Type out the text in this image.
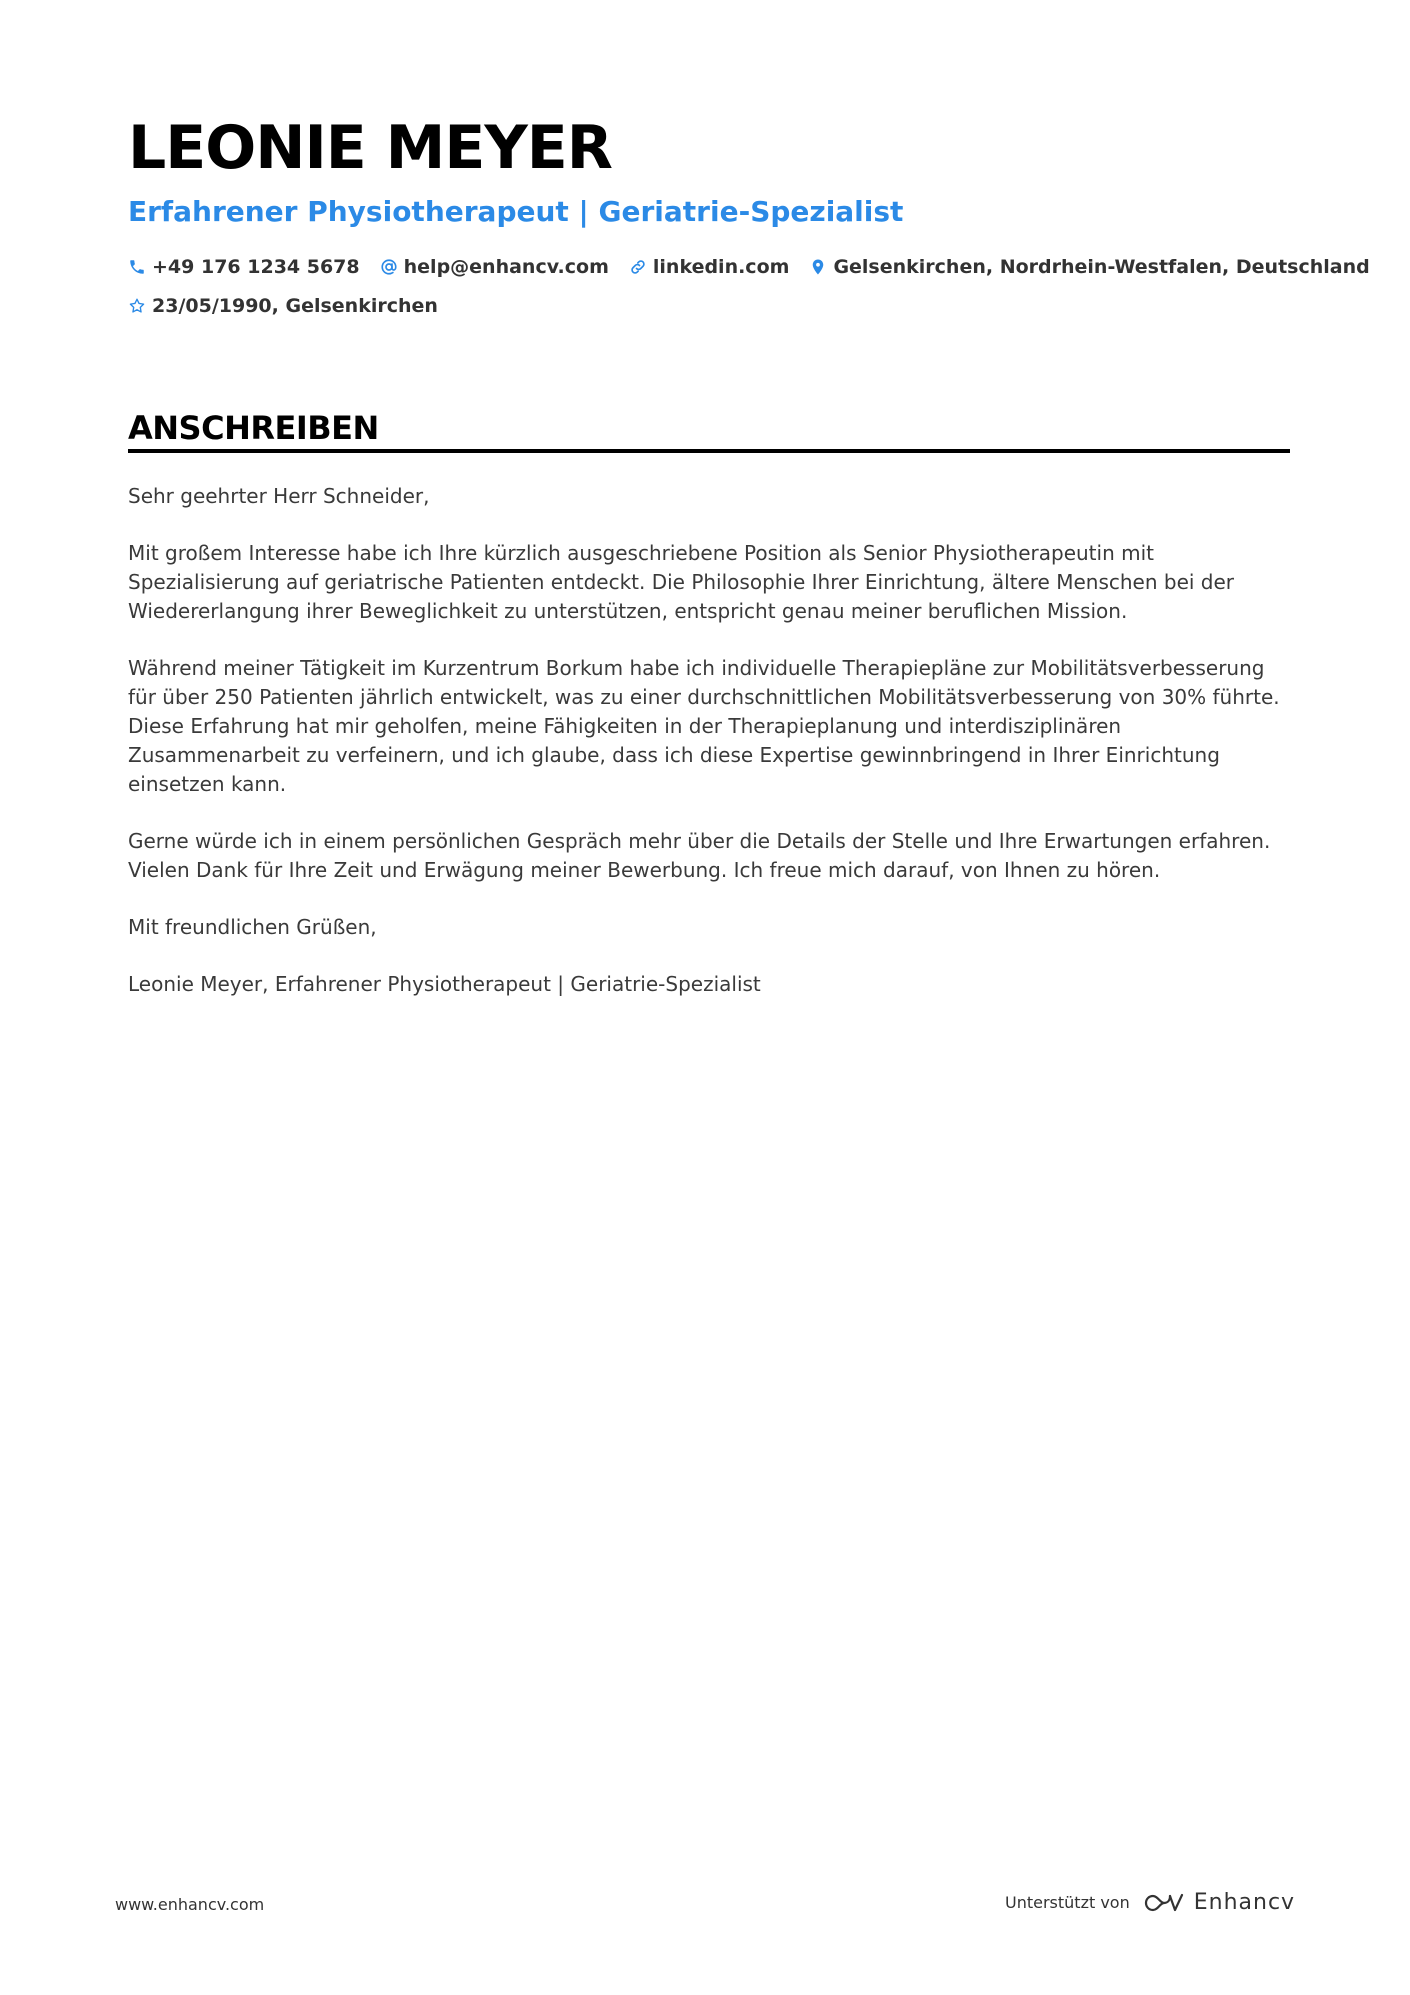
LEONIE MEYER
Erfahrener Physiotherapeut | Geriatrie-Spezialist
+49 176 1234 5678 help@enhancv.com linkedin.com Gelsenkirchen, Nordrhein-Westfalen, Deutschland
23/05/1990, Gelsenkirchen
ANSCHREIBEN

Sehr geehrter Herr Schneider,

Mit großem Interesse habe ich Ihre kürzlich ausgeschriebene Position als Senior Physiotherapeutin mit Spezialisierung auf geriatrische Patienten entdeckt. Die Philosophie Ihrer Einrichtung, ältere Menschen bei der Wiedererlangung ihrer Beweglichkeit zu unterstützen, entspricht genau meiner beruflichen Mission.

Während meiner Tätigkeit im Kurzentrum Borkum habe ich individuelle Therapiepläne zur Mobilitätsverbesserung für über 250 Patienten jährlich entwickelt, was zu einer durchschnittlichen Mobilitätsverbesserung von 30% führte. Diese Erfahrung hat mir geholfen, meine Fähigkeiten in der Therapieplanung und interdisziplinären Zusammenarbeit zu verfeinern, und ich glaube, dass ich diese Expertise gewinnbringend in Ihrer Einrichtung einsetzen kann.

Gerne würde ich in einem persönlichen Gespräch mehr über die Details der Stelle und Ihre Erwartungen erfahren. Vielen Dank für Ihre Zeit und Erwägung meiner Bewerbung. Ich freue mich darauf, von Ihnen zu hören.

Mit freundlichen Grüßen,

Leonie Meyer, Erfahrener Physiotherapeut | Geriatrie-Spezialist

www.enhancv.com	Unterstützt von	Enhancv
